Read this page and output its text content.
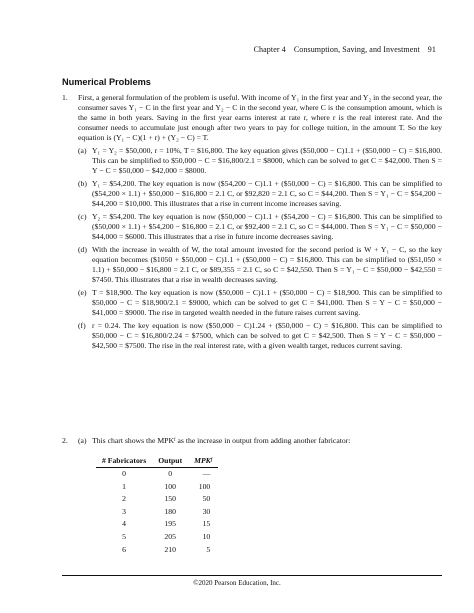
Chapter 4 Consumption, Saving, and Investment 91
Numerical Problems
1. First, a general formulation of the problem is useful. With income of Y₁ in the first year and Y₂ in the second year, the consumer saves Y₁ − C in the first year and Y₂ − C in the second year, where C is the consumption amount, which is the same in both years. Saving in the first year earns interest at rate r, where r is the real interest rate. And the consumer needs to accumulate just enough after two years to pay for college tuition, in the amount T. So the key equation is (Y₁ − C)(1 + r) + (Y₂ − C) = T.
(a) Y₁ = Y₂ = $50,000, r = 10%, T = $16,800. The key equation gives ($50,000 − C)1.1 + ($50,000 − C) = $16,800. This can be simplified to $50,000 − C = $16,800/2.1 = $8000, which can be solved to get C = $42,000. Then S = Y − C = $50,000 − $42,000 = $8000.
(b) Y₁ = $54,200. The key equation is now ($54,200 − C)1.1 + ($50,000 − C) = $16,800. This can be simplified to ($54,200 × 1.1) + $50,000 − $16,800 = 2.1 C, or $92,820 = 2.1 C, so C = $44,200. Then S = Y₁ − C = $54,200 − $44,200 = $10,000. This illustrates that a rise in current income increases saving.
(c) Y₂ = $54,200. The key equation is now ($50,000 − C)1.1 + ($54,200 − C) = $16,800. This can be simplified to ($50,000 × 1.1) + $54,200 − $16,800 = 2.1 C, or $92,400 = 2.1 C, so C = $44,000. Then S = Y₁ − C = $50,000 − $44,000 = $6000. This illustrates that a rise in future income decreases saving.
(d) With the increase in wealth of W, the total amount invested for the second period is W + Y₁ − C, so the key equation becomes ($1050 + $50,000 − C)1.1 + ($50,000 − C) = $16,800. This can be simplified to ($51,050 × 1.1) + $50,000 − $16,800 = 2.1 C, or $89,355 = 2.1 C, so C = $42,550. Then S = Y₁ − C = $50,000 − $42,550 = $7450. This illustrates that a rise in wealth decreases saving.
(e) T = $18,900. The key equation is now ($50,000 − C)1.1 + ($50,000 − C) = $18,900. This can be simplified to $50,000 − C = $18,900/2.1 = $9000, which can be solved to get C = $41,000. Then S = Y − C = $50,000 − $41,000 = $9000. The rise in targeted wealth needed in the future raises current saving.
(f) r = 0.24. The key equation is now ($50,000 − C)1.24 + ($50,000 − C) = $16,800. This can be simplified to $50,000 − C = $16,800/2.24 = $7500, which can be solved to get C = $42,500. Then S = Y − C = $50,000 − $42,500 = $7500. The rise in the real interest rate, with a given wealth target, reduces current saving.
2. (a) This chart shows the MPKᶠ as the increase in output from adding another fabricator:
# Fabricators	Output	MPKᶠ
0	0	—
1	100	100
2	150	50
3	180	30
4	195	15
5	205	10
6	210	5
©2020 Pearson Education, Inc.
